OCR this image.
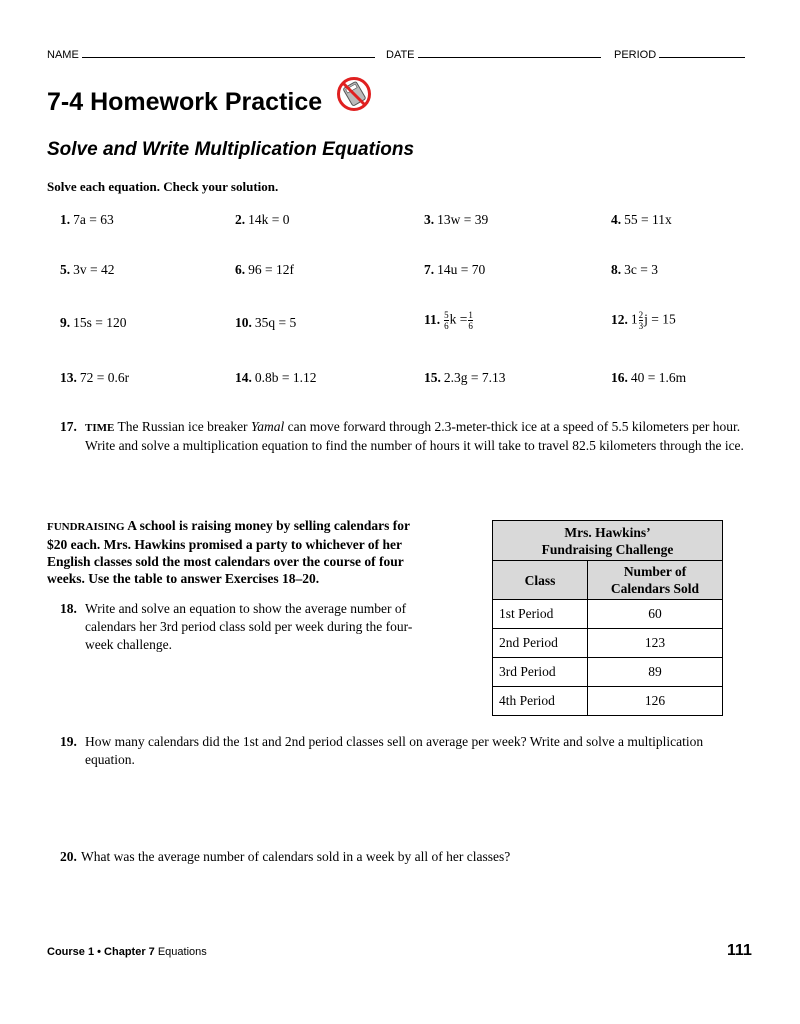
NAME	DATE	PERIOD
7-4 Homework Practice
Solve and Write Multiplication Equations
Solve each equation. Check your solution.
1. 7a = 63	2. 14k = 0	3. 13w = 39	4. 55 = 11x
5. 3v = 42	6. 96 = 12f	7. 14u = 70	8. 3c = 3
9. 15s = 120	10. 35q = 5	11. $\frac{5}{6}$ $k = \frac{1}{6}$	12. $1 \frac{2}{3}$ j = 15
13. 72 = 0.6r	14. 0.8b = 1.12	15. 2.3g = 7.13	16. 40 = 1.6m
17. TIME The Russian ice breaker Yamal can move forward through 2.3-meter-thick ice at a speed of 5.5 kilometers per hour. Write and solve a multiplication equation to find the number of hours it will take to travel 82.5 kilometers through the ice.
FUNDRAISING A school is raising money by selling calendars for $20 each. Mrs. Hawkins promised a party to whichever of her English classes sold the most calendars over the course of four weeks. Use the table to answer Exercises 18–20.
18. Write and solve an equation to show the average number of calendars her 3rd period class sold per week during the four-week challenge.
Mrs. Hawkins’
Fundraising Challenge	

Class	Number of
Calendars Sold

1st Period	60
2nd Period	123
3rd Period	89
4th Period	126
19. How many calendars did the 1st and 2nd period classes sell on average per week? Write and solve a multiplication equation.
20. What was the average number of calendars sold in a week by all of her classes?
Course 1 • Chapter 7 Equations	111
